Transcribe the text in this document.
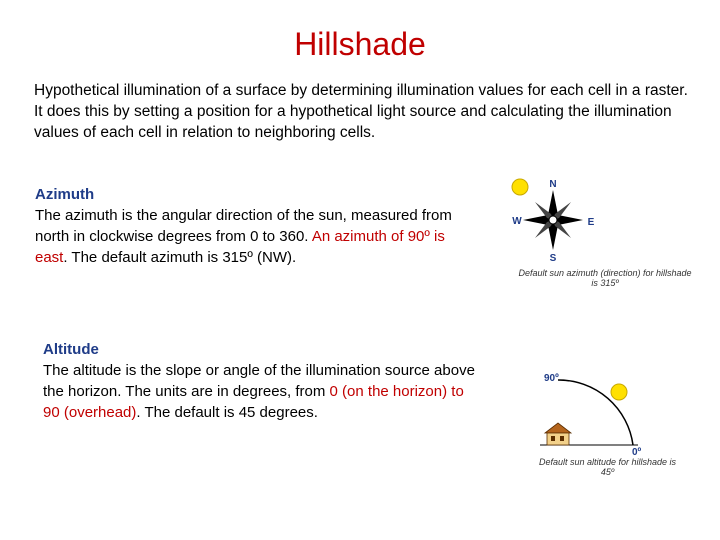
Hillshade
Hypothetical illumination of a surface by determining illumination values for each cell in a raster. It does this by setting a position for a hypothetical light source and calculating the illumination values of each cell in relation to neighboring cells.
Azimuth
The azimuth is the angular direction of the sun, measured from north in clockwise degrees from 0 to 360. An azimuth of 90º is east. The default azimuth is 315º (NW).
Altitude
The altitude is the slope or angle of the illumination source above the horizon. The units are in degrees, from 0 (on the horizon) to 90 (overhead). The default is 45 degrees.
N
S
W	E
Default sun azimuth (direction) for hillshade
is 315º
90º
0º
Default sun altitude for hillshade is
45º
